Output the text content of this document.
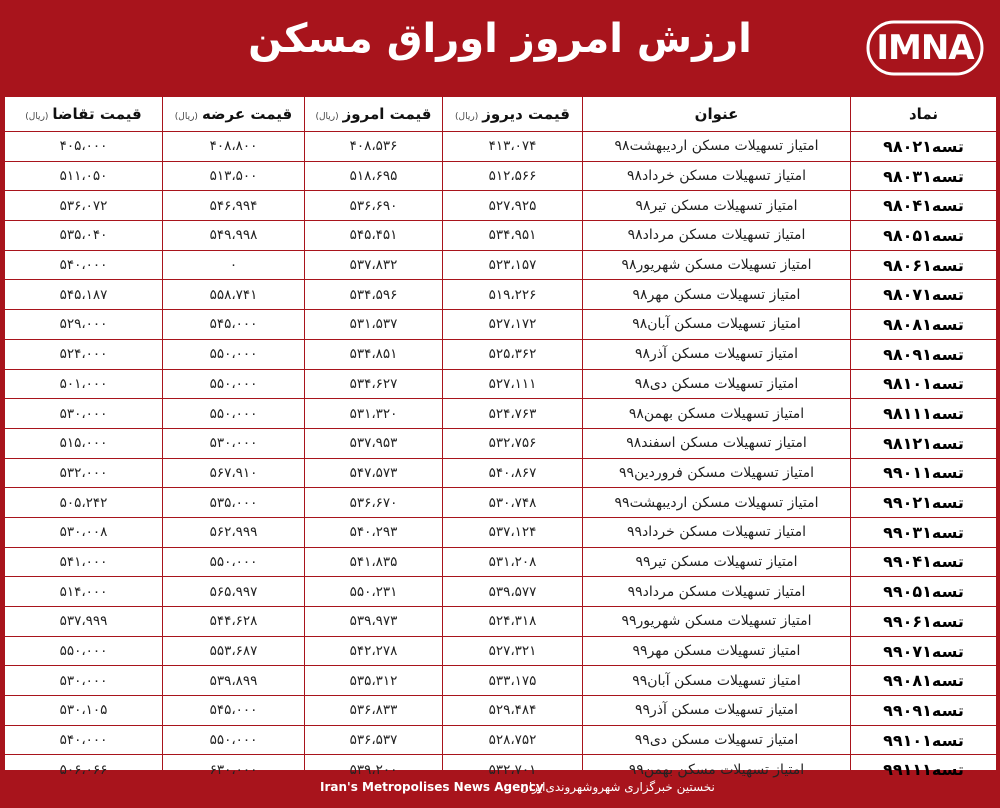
ارزش امروز اوراق مسکن	IMNA
نماد	عنوان	قیمت دیروز(ریال)	قیمت امروز(ریال)	قیمت عرضه(ریال)	قیمت تقاضا(ریال)
تسه۹۸۰۲۱	امتیاز تسهیلات مسکن اردیبهشت۹۸	۴۱۳،۰۷۴	۴۰۸،۵۳۶	۴۰۸،۸۰۰	۴۰۵،۰۰۰
تسه۹۸۰۳۱	امتیاز تسهیلات مسکن خرداد۹۸	۵۱۲،۵۶۶	۵۱۸،۶۹۵	۵۱۳،۵۰۰	۵۱۱،۰۵۰
تسه۹۸۰۴۱	امتیاز تسهیلات مسکن تیر۹۸	۵۲۷،۹۲۵	۵۳۶،۶۹۰	۵۴۶،۹۹۴	۵۳۶،۰۷۲
تسه۹۸۰۵۱	امتیاز تسهیلات مسکن مرداد۹۸	۵۳۴،۹۵۱	۵۴۵،۴۵۱	۵۴۹،۹۹۸	۵۳۵،۰۴۰
تسه۹۸۰۶۱	امتیاز تسهیلات مسکن شهریور۹۸	۵۲۳،۱۵۷	۵۳۷،۸۳۲	۰	۵۴۰،۰۰۰
تسه۹۸۰۷۱	امتیاز تسهیلات مسکن مهر۹۸	۵۱۹،۲۲۶	۵۳۴،۵۹۶	۵۵۸،۷۴۱	۵۴۵،۱۸۷
تسه۹۸۰۸۱	امتیاز تسهیلات مسکن آبان۹۸	۵۲۷،۱۷۲	۵۳۱،۵۳۷	۵۴۵،۰۰۰	۵۲۹،۰۰۰
تسه۹۸۰۹۱	امتیاز تسهیلات مسکن آذر۹۸	۵۲۵،۳۶۲	۵۳۴،۸۵۱	۵۵۰،۰۰۰	۵۲۴،۰۰۰
تسه۹۸۱۰۱	امتیاز تسهیلات مسکن دی۹۸	۵۲۷،۱۱۱	۵۳۴،۶۲۷	۵۵۰،۰۰۰	۵۰۱،۰۰۰
تسه۹۸۱۱۱	امتیاز تسهیلات مسکن بهمن۹۸	۵۲۴،۷۶۳	۵۳۱،۳۲۰	۵۵۰،۰۰۰	۵۳۰،۰۰۰
تسه۹۸۱۲۱	امتیاز تسهیلات مسکن اسفند۹۸	۵۳۲،۷۵۶	۵۳۷،۹۵۳	۵۳۰،۰۰۰	۵۱۵،۰۰۰
تسه۹۹۰۱۱	امتیاز تسهیلات مسکن فروردین۹۹	۵۴۰،۸۶۷	۵۴۷،۵۷۳	۵۶۷،۹۱۰	۵۳۲،۰۰۰
تسه۹۹۰۲۱	امتیاز تسهیلات مسکن اردیبهشت۹۹	۵۳۰،۷۴۸	۵۳۶،۶۷۰	۵۳۵،۰۰۰	۵۰۵،۲۴۲
تسه۹۹۰۳۱	امتیاز تسهیلات مسکن خرداد۹۹	۵۳۷،۱۲۴	۵۴۰،۲۹۳	۵۶۲،۹۹۹	۵۳۰،۰۰۸
تسه۹۹۰۴۱	امتیاز تسهیلات مسکن تیر۹۹	۵۳۱،۲۰۸	۵۴۱،۸۳۵	۵۵۰،۰۰۰	۵۴۱،۰۰۰
تسه۹۹۰۵۱	امتیاز تسهیلات مسکن مرداد۹۹	۵۳۹،۵۷۷	۵۵۰،۲۳۱	۵۶۵،۹۹۷	۵۱۴،۰۰۰
تسه۹۹۰۶۱	امتیاز تسهیلات مسکن شهریور۹۹	۵۲۴،۳۱۸	۵۳۹،۹۷۳	۵۴۴،۶۲۸	۵۳۷،۹۹۹
تسه۹۹۰۷۱	امتیاز تسهیلات مسکن مهر۹۹	۵۲۷،۳۲۱	۵۴۲،۲۷۸	۵۵۳،۶۸۷	۵۵۰،۰۰۰
تسه۹۹۰۸۱	امتیاز تسهیلات مسکن آبان۹۹	۵۳۳،۱۷۵	۵۳۵،۳۱۲	۵۳۹،۸۹۹	۵۳۰،۰۰۰
تسه۹۹۰۹۱	امتیاز تسهیلات مسکن آذر۹۹	۵۲۹،۴۸۴	۵۳۶،۸۳۳	۵۴۵،۰۰۰	۵۳۰،۱۰۵
تسه۹۹۱۰۱	امتیاز تسهیلات مسکن دی۹۹	۵۲۸،۷۵۲	۵۳۶،۵۳۷	۵۵۰،۰۰۰	۵۴۰،۰۰۰
تسه۹۹۱۱۱	امتیاز تسهیلات مسکن بهمن۹۹	۵۳۲،۷۰۱	۵۳۹،۲۰۰	۶۳۰،۰۰۰	۵۰۶،۰۶۶
Iran's Metropolises News Agency
نخستین خبرگزاری شهروشهروندی‌ایران
